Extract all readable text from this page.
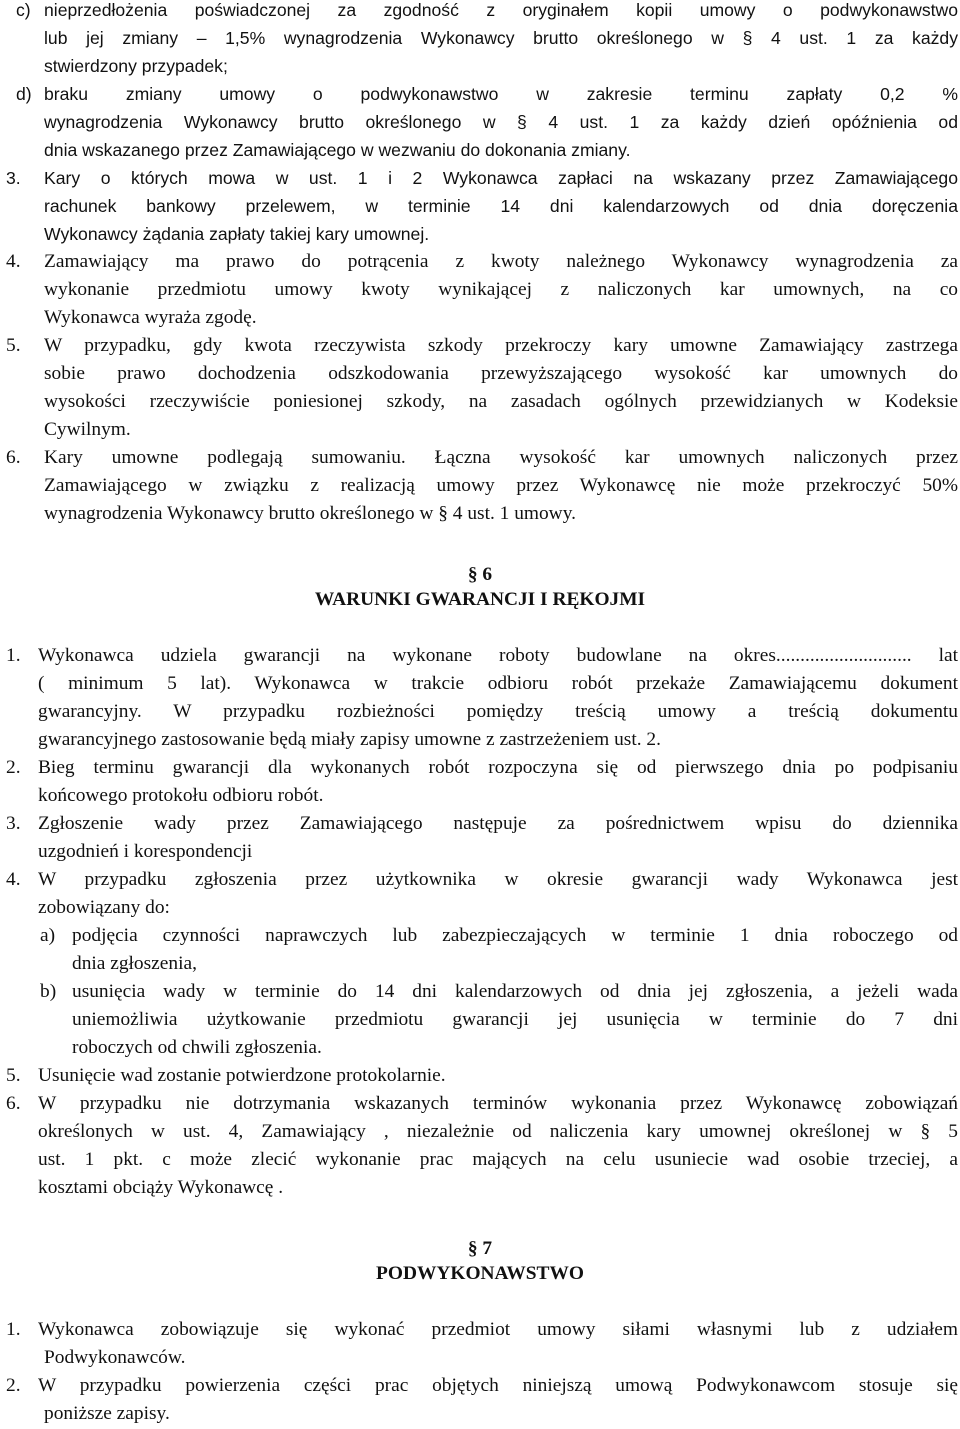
c) nieprzedłożenia poświadczonej za zgodność z oryginałem kopii umowy o podwykonawstwo
lub jej zmiany – 1,5% wynagrodzenia Wykonawcy brutto określonego w § 4 ust. 1 za każdy
stwierdzony przypadek;
d) braku zmiany umowy o podwykonawstwo w zakresie terminu zapłaty 0,2 %
wynagrodzenia Wykonawcy brutto określonego w § 4 ust. 1 za każdy dzień opóźnienia od
dnia wskazanego przez Zamawiającego w wezwaniu do dokonania zmiany.
3. Kary o których mowa w ust. 1 i 2 Wykonawca zapłaci na wskazany przez Zamawiającego
rachunek bankowy przelewem, w terminie 14 dni kalendarzowych od dnia doręczenia
Wykonawcy żądania zapłaty takiej kary umownej.
4. Zamawiający ma prawo do potrącenia z kwoty należnego Wykonawcy wynagrodzenia za
wykonanie przedmiotu umowy kwoty wynikającej z naliczonych kar umownych, na co
Wykonawca wyraża zgodę.
5. W przypadku, gdy kwota rzeczywista szkody przekroczy kary umowne Zamawiający zastrzega
sobie prawo dochodzenia odszkodowania przewyższającego wysokość kar umownych do
wysokości rzeczywiście poniesionej szkody, na zasadach ogólnych przewidzianych w Kodeksie
Cywilnym.
6. Kary umowne podlegają sumowaniu. Łączna wysokość kar umownych naliczonych przez
Zamawiającego w związku z realizacją umowy przez Wykonawcę nie może przekroczyć 50%
wynagrodzenia Wykonawcy brutto określonego w § 4 ust. 1 umowy.
§ 6
WARUNKI GWARANCJI I RĘKOJMI
1. Wykonawca udziela gwarancji na wykonane roboty budowlane na okres............................ lat
( minimum 5 lat). Wykonawca w trakcie odbioru robót przekaże Zamawiającemu dokument
gwarancyjny. W przypadku rozbieżności pomiędzy treścią umowy a treścią dokumentu
gwarancyjnego zastosowanie będą miały zapisy umowne z zastrzeżeniem ust. 2.
2. Bieg terminu gwarancji dla wykonanych robót rozpoczyna się od pierwszego dnia po podpisaniu
końcowego protokołu odbioru robót.
3. Zgłoszenie wady przez Zamawiającego następuje za pośrednictwem wpisu do dziennika
uzgodnień i korespondencji
4. W przypadku zgłoszenia przez użytkownika w okresie gwarancji wady Wykonawca jest
zobowiązany do:
a) podjęcia czynności naprawczych lub zabezpieczających w terminie 1 dnia roboczego od
dnia zgłoszenia,
b) usunięcia wady w terminie do 14 dni kalendarzowych od dnia jej zgłoszenia, a jeżeli wada
uniemożliwia użytkowanie przedmiotu gwarancji jej usunięcia w terminie do 7 dni
roboczych od chwili zgłoszenia.
5. Usunięcie wad zostanie potwierdzone protokolarnie.
6. W przypadku nie dotrzymania wskazanych terminów wykonania przez Wykonawcę zobowiązań
określonych w ust. 4, Zamawiający , niezależnie od naliczenia kary umownej określonej w § 5
ust. 1 pkt. c może zlecić wykonanie prac mających na celu usuniecie wad osobie trzeciej, a
kosztami obciąży Wykonawcę .
§ 7
PODWYKONAWSTWO
1. Wykonawca zobowiązuje się wykonać przedmiot umowy siłami własnymi lub z udziałem
Podwykonawców.
2. W przypadku powierzenia części prac objętych niniejszą umową Podwykonawcom stosuje się
poniższe zapisy.
